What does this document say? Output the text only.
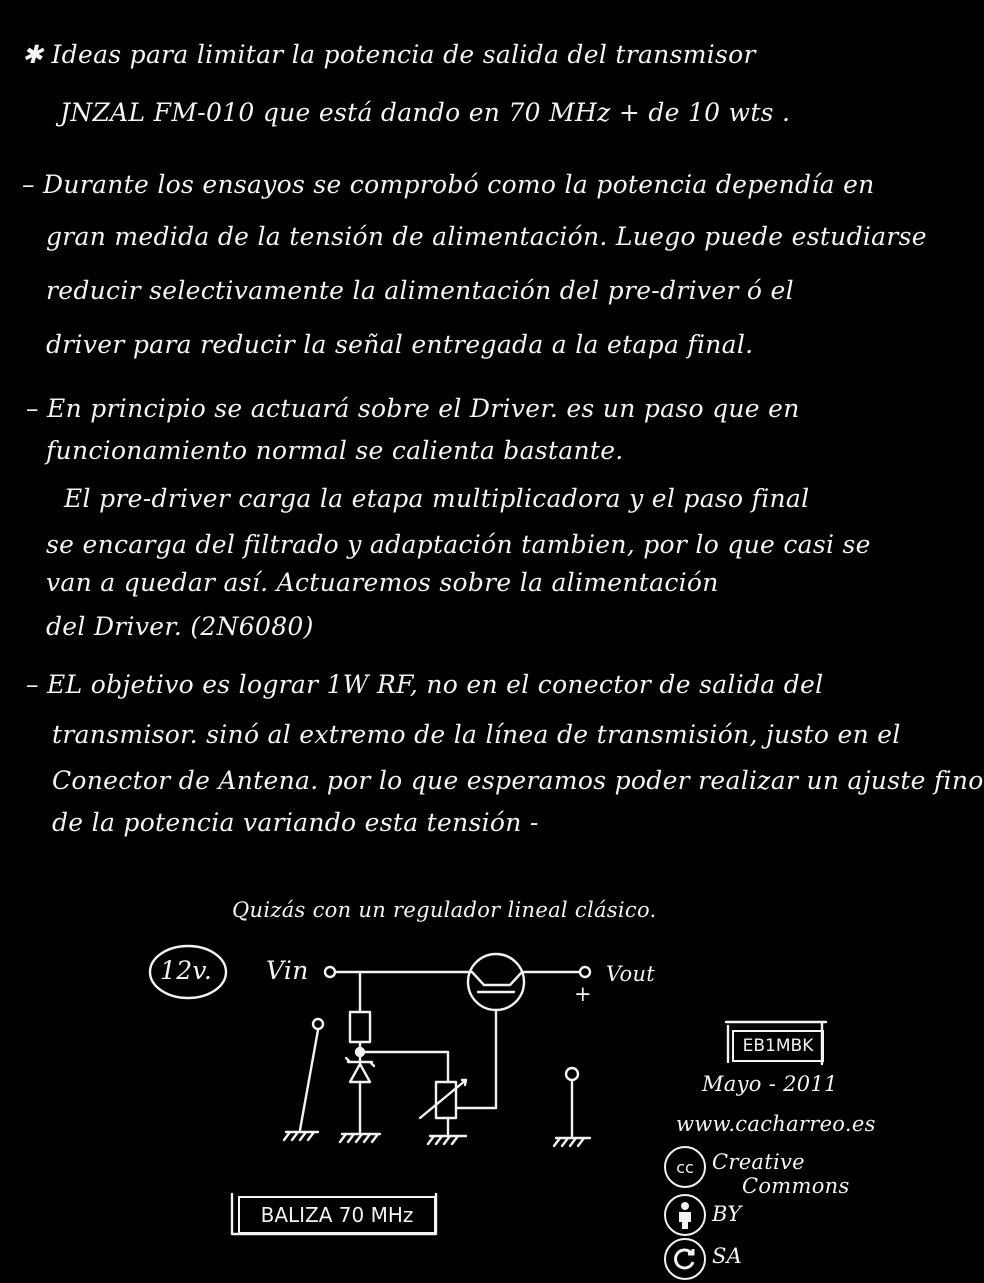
✱ Ideas para limitar la potencia de salida del transmisor
JNZAL FM-010 que está dando en 70 MHz + de 10 wts .
– Durante los ensayos se comprobó como la potencia dependía en
gran medida de la tensión de alimentación. Luego puede estudiarse
reducir selectivamente la alimentación del pre-driver ó el
driver para reducir la señal entregada a la etapa final.
– En principio se actuará sobre el Driver. es un paso que en
funcionamiento normal se calienta bastante.
El pre-driver carga la etapa multiplicadora y el paso final
se encarga del filtrado y adaptación tambien, por lo que casi se
van a quedar así. Actuaremos sobre la alimentación
del Driver. (2N6080)
– EL objetivo es lograr 1W RF, no en el conector de salida del
transmisor. sinó al extremo de la línea de transmisión, justo en el
Conector de Antena. por lo que esperamos poder realizar un ajuste fino
de la potencia variando esta tensión -
Quizás con un regulador lineal clásico.
12v. Vin	Vout
+
EB1MBK
Mayo - 2011
www.cacharreo.es
cc Creative
Commons
BY
SA
BALIZA 70 MHz
